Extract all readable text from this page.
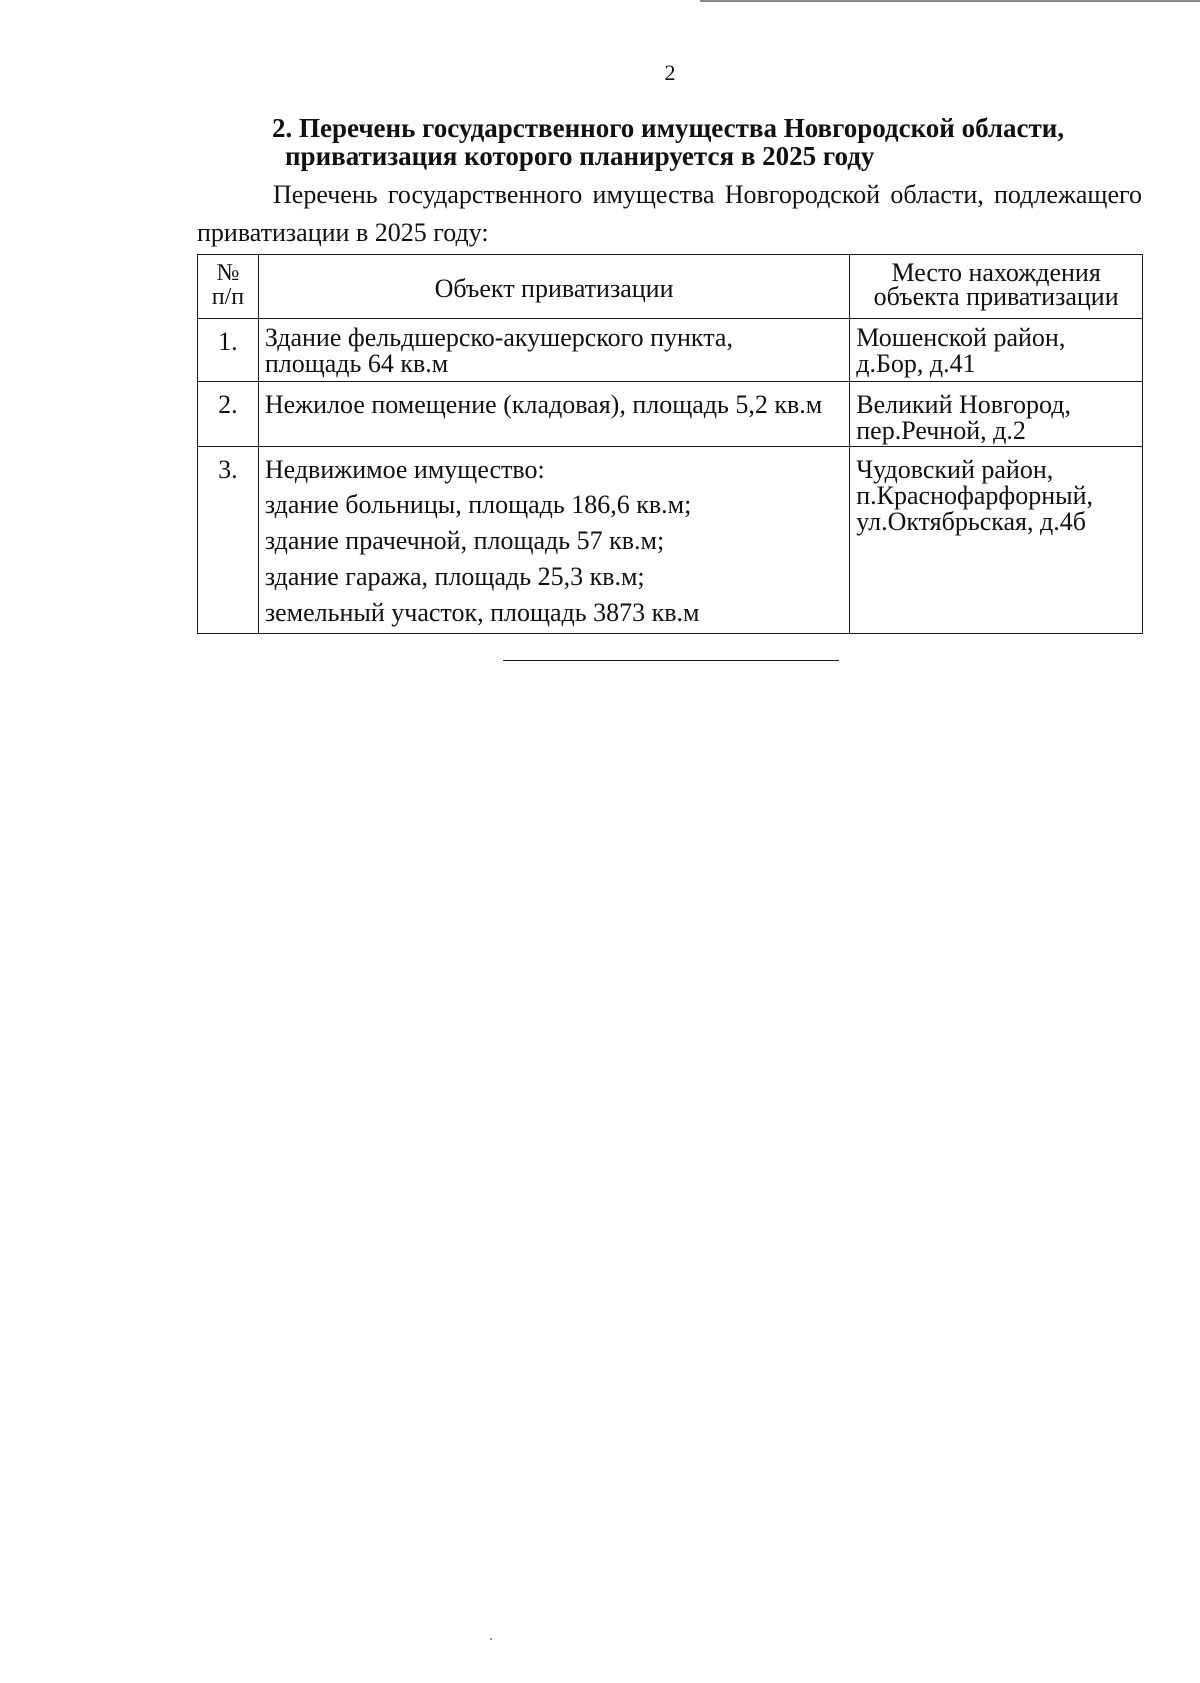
2
2. Перечень государственного имущества Новгородской области,
приватизация которого планируется в 2025 году

Перечень государственного имущества Новгородской области, подлежащего приватизации в 2025 году:

№
п/п	Объект приватизации	Место нахождения
объекта приватизации
1.	Здание фельдшерско-акушерского пункта,
площадь 64 кв.м	Мошенской район,
д.Бор, д.41
2.	Нежилое помещение (кладовая), площадь 5,2 кв.м	Великий Новгород,
пер.Речной, д.2
3.	Недвижимое имущество:
здание больницы, площадь 186,6 кв.м;
здание прачечной, площадь 57 кв.м;
здание гаража, площадь 25,3 кв.м;
земельный участок, площадь 3873 кв.м	Чудовский район,
п.Краснофарфорный,
ул.Октябрьская, д.4б
